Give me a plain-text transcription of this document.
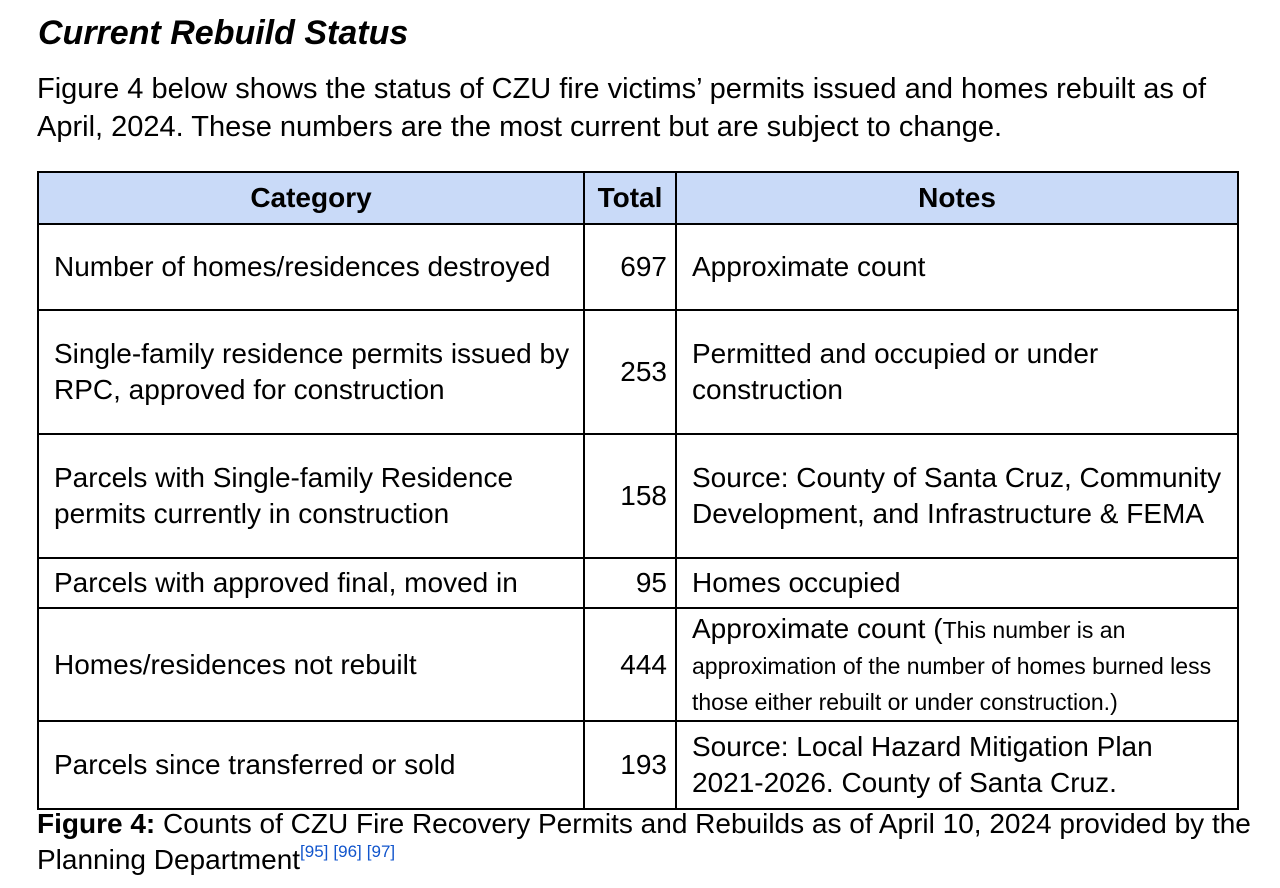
Current Rebuild Status

Figure 4 below shows the status of CZU fire victims’ permits issued and homes rebuilt as of April, 2024. These numbers are the most current but are subject to change.

Category	Total	Notes
Number of homes/residences destroyed	697	Approximate count
Single-family residence permits issued by RPC, approved for construction	253	Permitted and occupied or under construction
Parcels with Single-family Residence permits currently in construction	158	Source: County of Santa Cruz, Community Development, and Infrastructure & FEMA
Parcels with approved final, moved in	95	Homes occupied
Homes/residences not rebuilt	444	Approximate count (This number is an approximation of the number of homes burned less those either rebuilt or under construction.)
Parcels since transferred or sold	193	Source: Local Hazard Mitigation Plan 2021-2026. County of Santa Cruz.

Figure 4: Counts of CZU Fire Recovery Permits and Rebuilds as of April 10, 2024 provided by the Planning Department[95] [96] [97]
